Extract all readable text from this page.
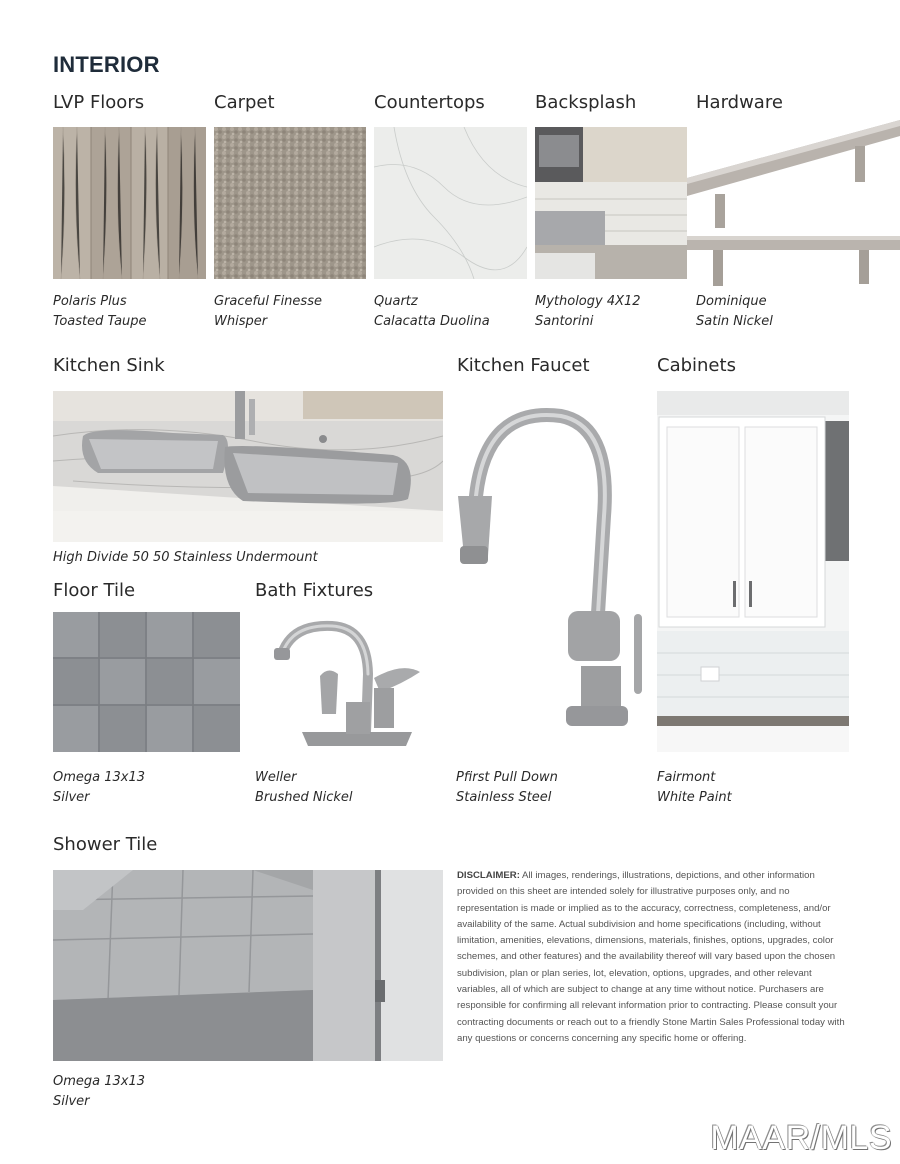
INTERIOR
LVP Floors	Carpet	Countertops	Backsplash	Hardware
Polaris Plus
Toasted Taupe
Graceful Finesse
Whisper
Quartz
Calacatta Duolina
Mythology 4X12
Santorini
Dominique
Satin Nickel
Kitchen Sink	Kitchen Faucet	Cabinets
High Divide 50 50 Stainless Undermount
Fairmont
White Paint
Pfirst Pull Down
Stainless Steel
Floor Tile	Bath Fixtures
Omega 13x13
Silver
Weller
Brushed Nickel
Shower Tile
Omega 13x13
Silver
DISCLAIMER: All images, renderings, illustrations, depictions, and other information provided on this sheet are intended solely for illustrative purposes only, and no representation is made or implied as to the accuracy, correctness, completeness, and/or availability of the same. Actual subdivision and home specifications (including, without limitation, amenities, elevations, dimensions, materials, finishes, options, upgrades, color schemes, and other features) and the availability thereof will vary based upon the chosen subdivision, plan or plan series, lot, elevation, options, upgrades, and other relevant variables, all of which are subject to change at any time without notice. Purchasers are responsible for confirming all relevant information prior to contracting. Please consult your contracting documents or reach out to a friendly Stone Martin Sales Professional today with any questions or concerns concerning any specific home or offering.
MAAR/MLS
